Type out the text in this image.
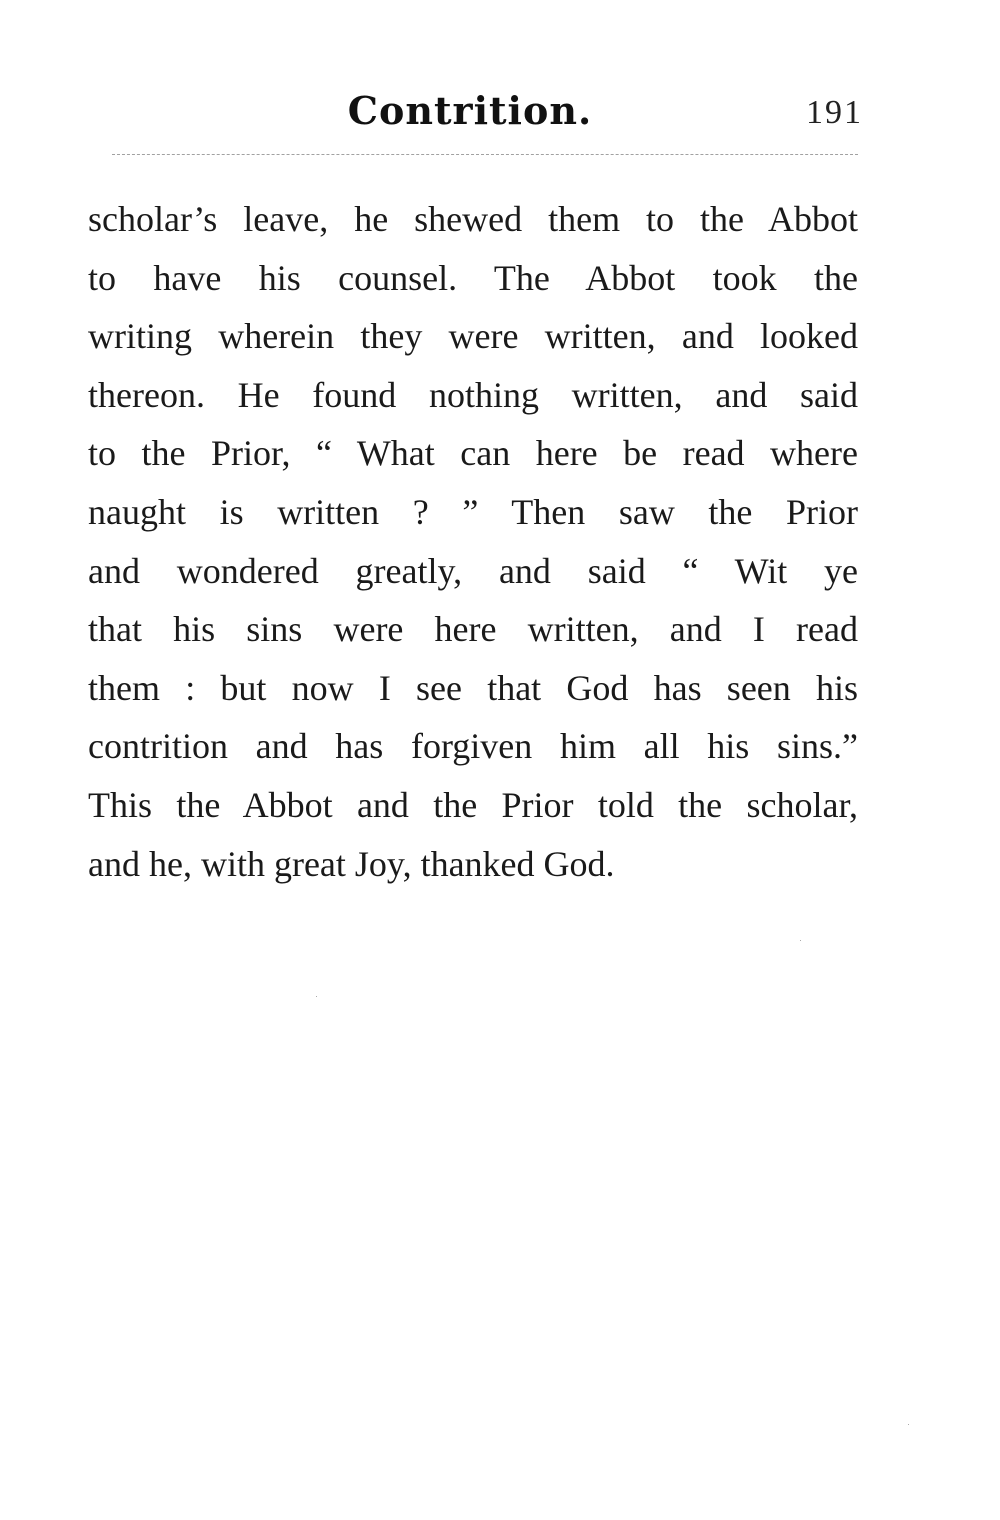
Contrition.	191
scholar’s leave, he shewed them to the Abbot
to have his counsel. The Abbot took the
writing wherein they were written, and looked
thereon. He found nothing written, and said
to the Prior, “ What can here be read where
naught is written ? ” Then saw the Prior
and wondered greatly, and said “ Wit ye
that his sins were here written, and I read
them : but now I see that God has seen his
contrition and has forgiven him all his sins.”
This the Abbot and the Prior told the scholar,
and he, with great Joy, thanked God.
